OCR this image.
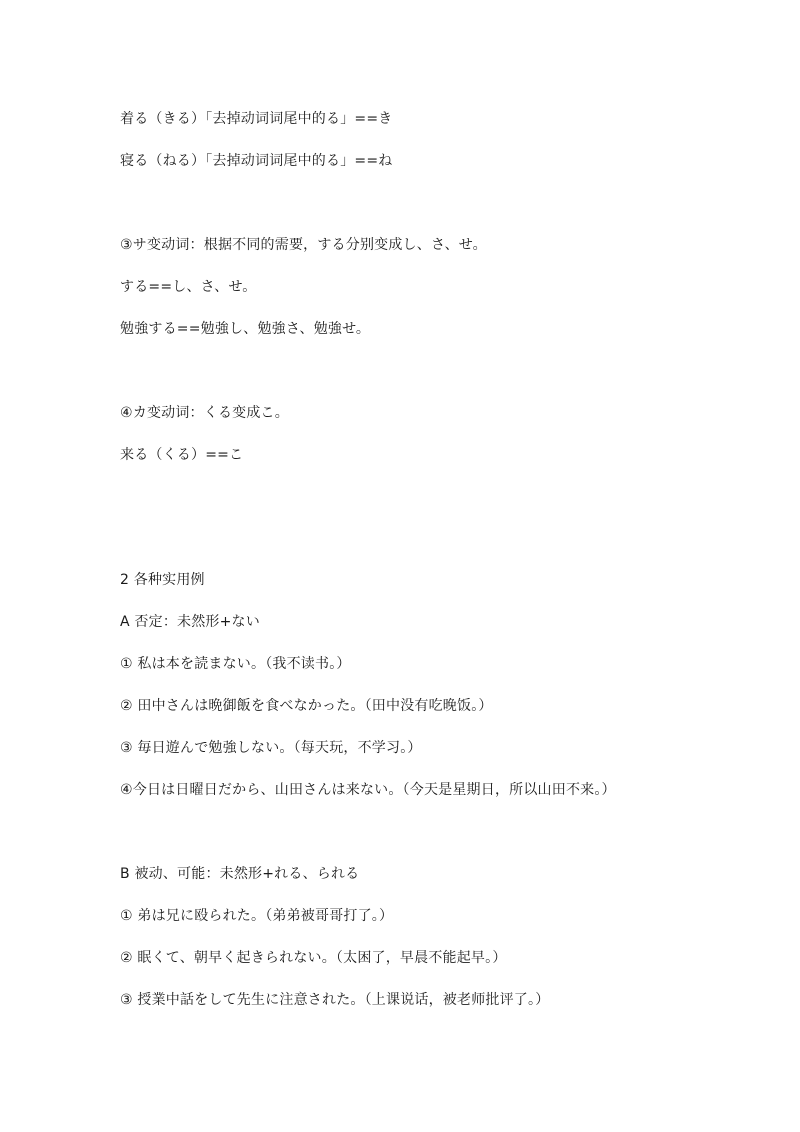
着る（きる）「去掉动词词尾中的る」==き
寝る（ねる）「去掉动词词尾中的る」==ね
③サ变动词：根据不同的需要，する分别变成し、さ、せ。
する==し、さ、せ。
勉強する==勉強し、勉強さ、勉強せ。
④カ变动词：くる变成こ。
来る（くる）==こ
2 各种实用例
A 否定：未然形+ない
① 私は本を読まない。（我不读书。）
② 田中さんは晩御飯を食べなかった。（田中没有吃晚饭。）
③ 毎日遊んで勉強しない。（每天玩，不学习。）
④今日は日曜日だから、山田さんは来ない。（今天是星期日，所以山田不来。）
B 被动、可能：未然形+れる、られる
① 弟は兄に殴られた。（弟弟被哥哥打了。）
② 眠くて、朝早く起きられない。（太困了，早晨不能起早。）
③ 授業中話をして先生に注意された。（上课说话，被老师批评了。）
